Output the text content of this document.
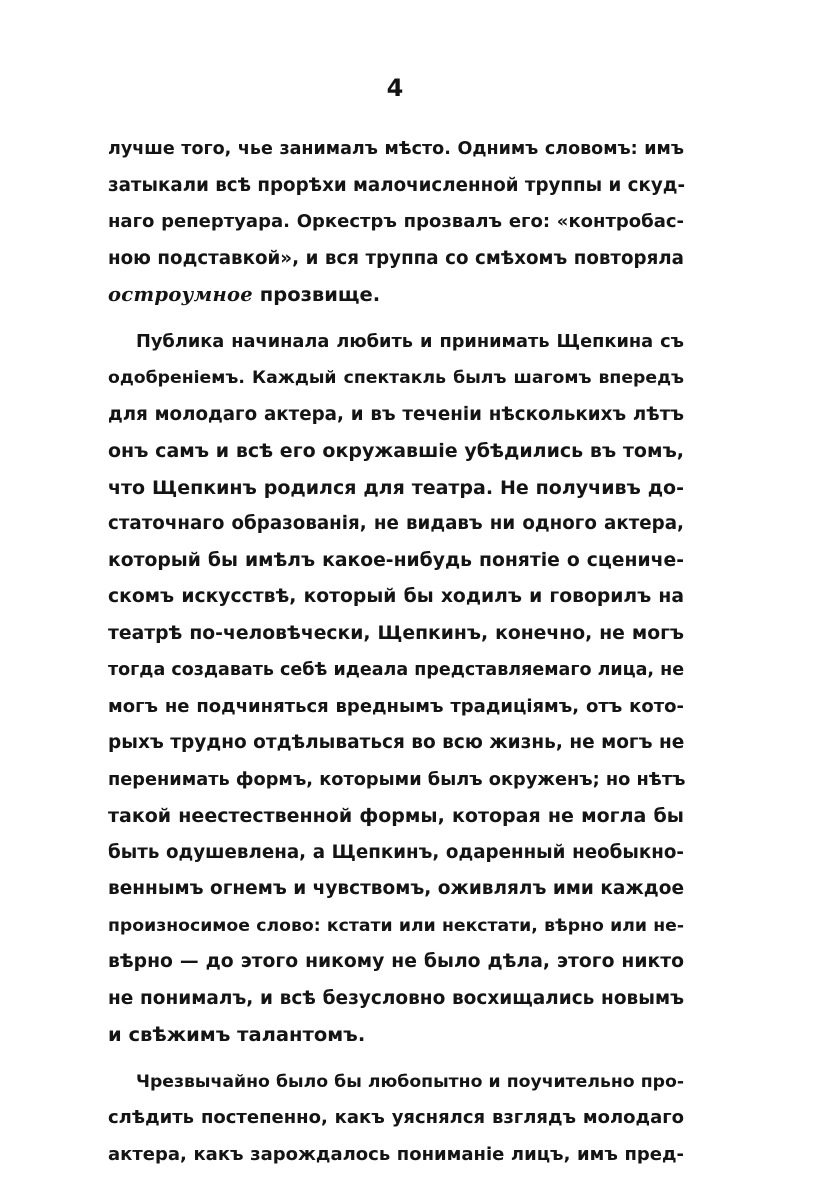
4
лучше того, чье занималъ мѣсто. Однимъ словомъ: имъ
затыкали всѣ прорѣхи малочисленной труппы и скуд-
наго репертуара. Оркестръ прозвалъ его: «контробас-
ною подставкой», и вся труппа со смѣхомъ повторяла
остроумное прозвище.
Публика начинала любить и принимать Щепкина съ
одобреніемъ. Каждый спектакль былъ шагомъ впередъ
для молодаго актера, и въ теченіи нѣсколькихъ лѣтъ
онъ самъ и всѣ его окружавшіе убѣдились въ томъ,
что Щепкинъ родился для театра. Не получивъ до-
статочнаго образованія, не видавъ ни одного актера,
который бы имѣлъ какое-нибудь понятіе о сцениче-
скомъ искусствѣ, который бы ходилъ и говорилъ на
театрѣ по-человѣчески, Щепкинъ, конечно, не могъ
тогда создавать себѣ идеала представляемаго лица, не
могъ не подчиняться вреднымъ традиціямъ, отъ кото-
рыхъ трудно отдѣлываться во всю жизнь, не могъ не
перенимать формъ, которыми былъ окруженъ; но нѣтъ
такой неестественной формы, которая не могла бы
быть одушевлена, а Щепкинъ, одаренный необыкно-
веннымъ огнемъ и чувствомъ, оживлялъ ими каждое
произносимое слово: кстати или некстати, вѣрно или не-
вѣрно — до этого никому не было дѣла, этого никто
не понималъ, и всѣ безусловно восхищались новымъ
и свѣжимъ талантомъ.
Чрезвычайно было бы любопытно и поучительно про-
слѣдить постепенно, какъ уяснялся взглядъ молодаго
актера, какъ зарождалось пониманіе лицъ, имъ пред-
